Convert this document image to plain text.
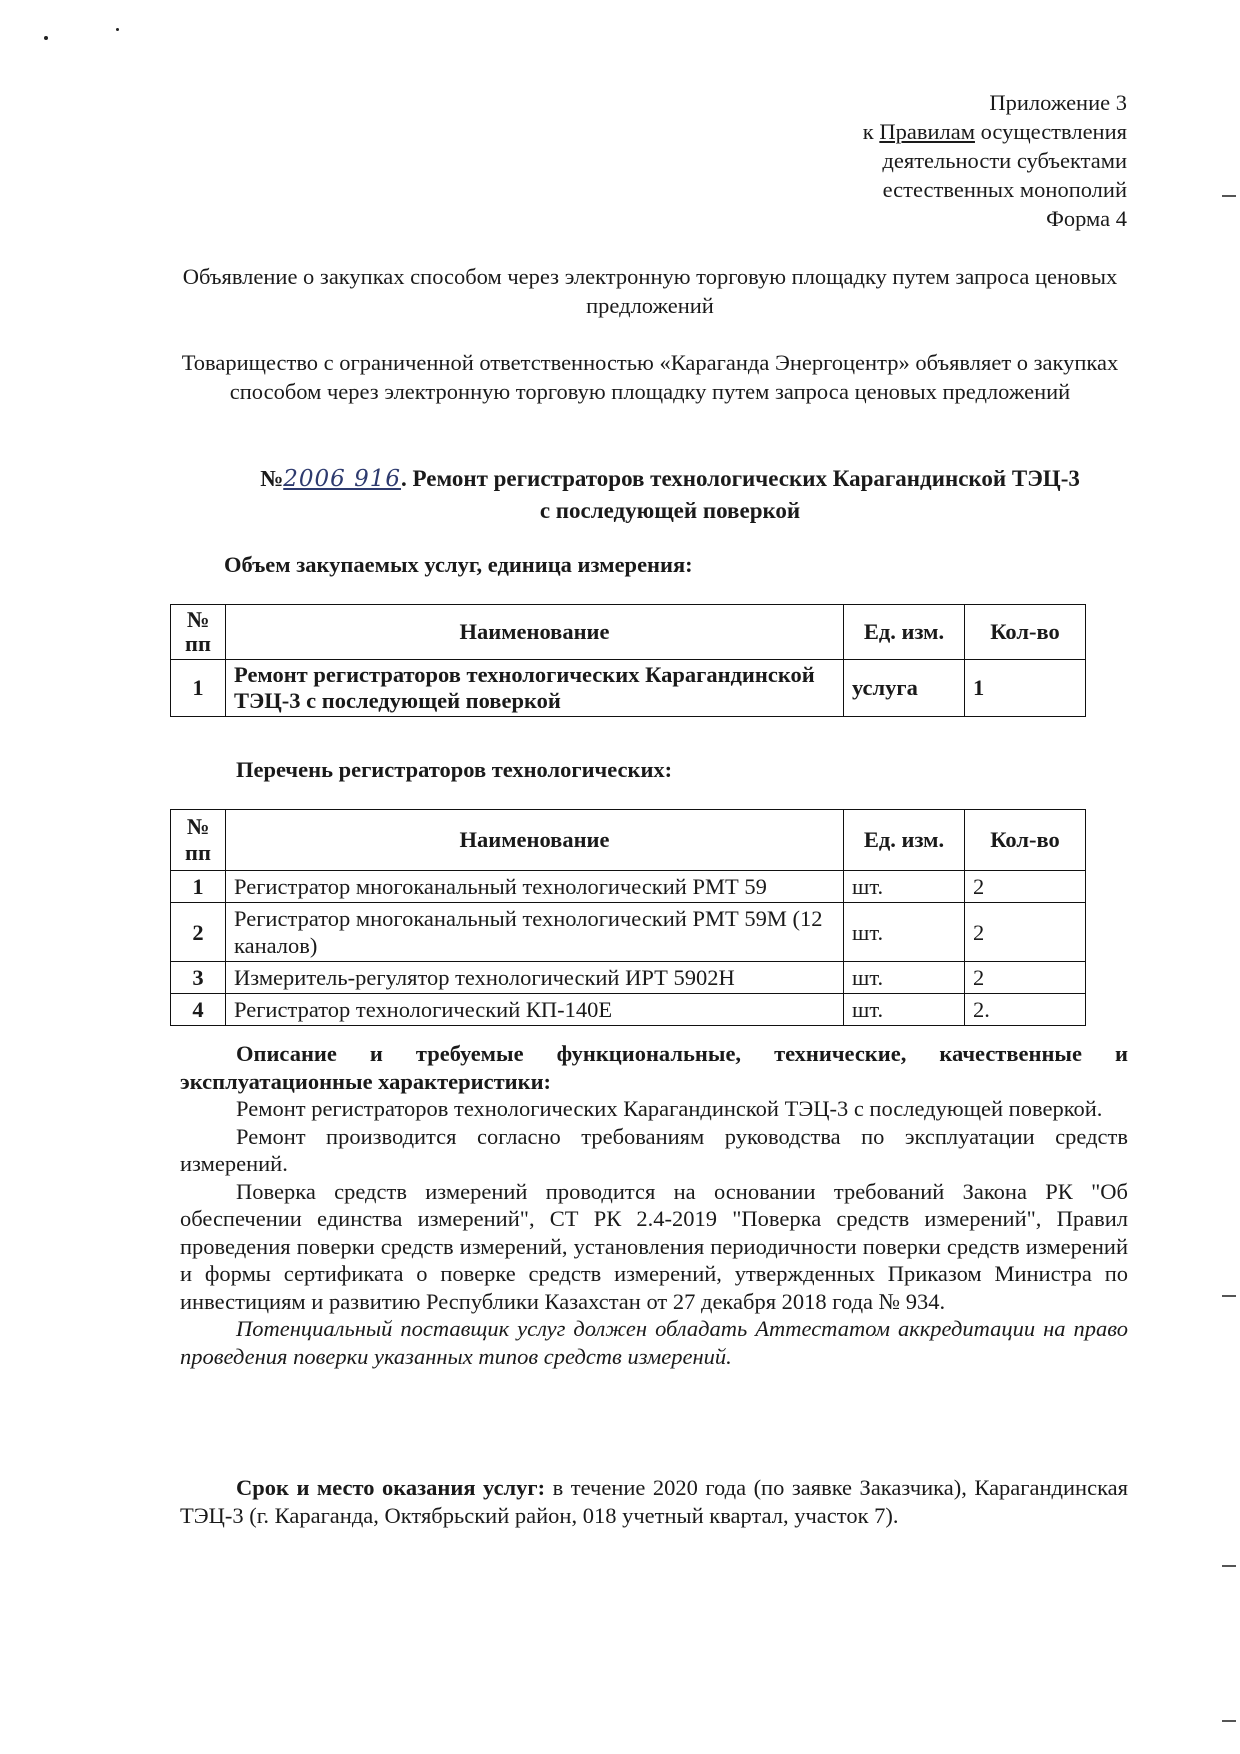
Приложение 3
к Правилам осуществления
деятельности субъектами
естественных монополий
Форма 4
Объявление о закупках способом через электронную торговую площадку путем запроса ценовых предложений
Товарищество с ограниченной ответственностью «Караганда Энергоцентр» объявляет о закупках способом через электронную торговую площадку путем запроса ценовых предложений
№2006 916. Ремонт регистраторов технологических Карагандинской ТЭЦ-3
с последующей поверкой
Объем закупаемых услуг, единица измерения:
№ пп	Наименование	Ед. изм.	Кол-во
1	Ремонт регистраторов технологических Карагандинской ТЭЦ-3 с последующей поверкой	услуга	1
Перечень регистраторов технологических:
№ пп	Наименование	Ед. изм.	Кол-во
1	Регистратор многоканальный технологический РМТ 59	шт.	2
2	Регистратор многоканальный технологический РМТ 59М (12 каналов)	шт.	2
3	Измеритель-регулятор технологический ИРТ 5902Н	шт.	2
4	Регистратор технологический КП-140Е	шт.	2.

Описание и требуемые функциональные, технические, качественные и эксплуатационные характеристики:

Ремонт регистраторов технологических Карагандинской ТЭЦ-3 с последующей поверкой.

Ремонт производится согласно требованиям руководства по эксплуатации средств измерений.

Поверка средств измерений проводится на основании требований Закона РК "Об обеспечении единства измерений", СТ РК 2.4-2019 "Поверка средств измерений", Правил проведения поверки средств измерений, установления периодичности поверки средств измерений и формы сертификата о поверке средств измерений, утвержденных Приказом Министра по инвестициям и развитию Республики Казахстан от 27 декабря 2018 года № 934.

Потенциальный поставщик услуг должен обладать Аттестатом аккредитации на право проведения поверки указанных типов средств измерений.

Срок и место оказания услуг: в течение 2020 года (по заявке Заказчика), Карагандинская ТЭЦ-3 (г. Караганда, Октябрьский район, 018 учетный квартал, участок 7).
